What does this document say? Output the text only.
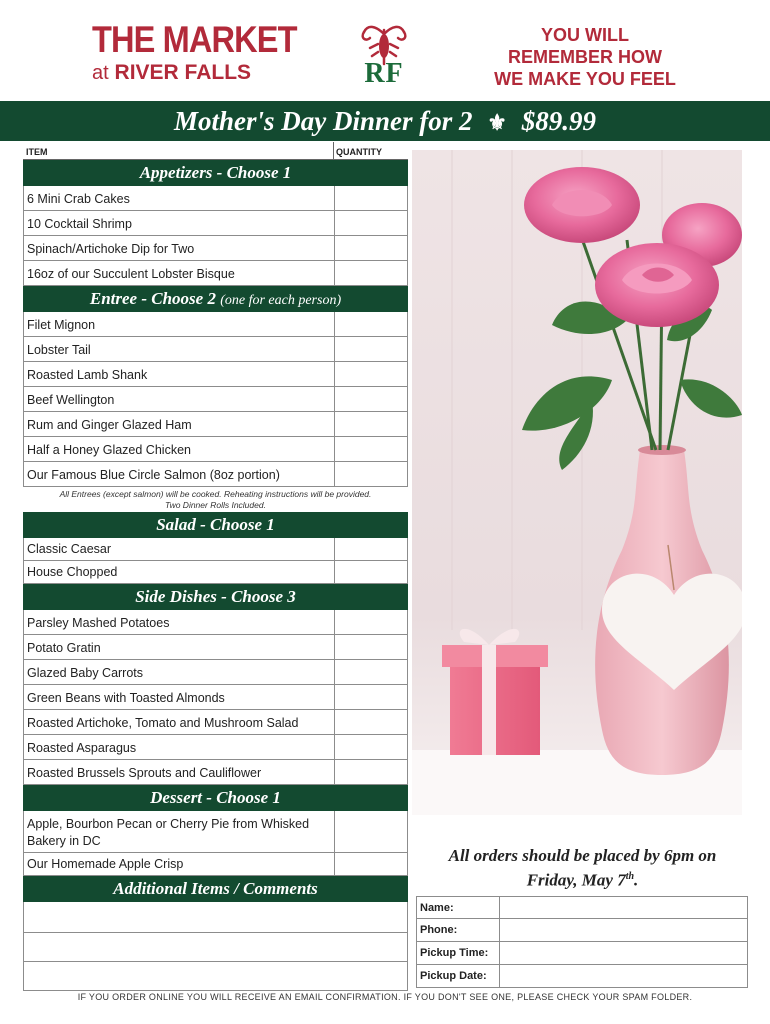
THE MARKET
at RIVER FALLS	RF
YOU WILL
REMEMBER HOW
WE MAKE YOU FEEL
Mother's Day Dinner for 2 ⚜ $89.99
ITEM	QUANTITY
Appetizers - Choose 1
6 Mini Crab Cakes
10 Cocktail Shrimp
Spinach/Artichoke Dip for Two
16oz of our Succulent Lobster Bisque
Entree - Choose 2 (one for each person)
Filet Mignon
Lobster Tail
Roasted Lamb Shank
Beef Wellington
Rum and Ginger Glazed Ham
Half a Honey Glazed Chicken
Our Famous Blue Circle Salmon (8oz portion)
All Entrees (except salmon) will be cooked. Reheating instructions will be provided.
Two Dinner Rolls Included.
Salad - Choose 1
Classic Caesar
House Chopped
Side Dishes - Choose 3
Parsley Mashed Potatoes
Potato Gratin
Glazed Baby Carrots
Green Beans with Toasted Almonds
Roasted Artichoke, Tomato and Mushroom Salad
Roasted Asparagus
Roasted Brussels Sprouts and Cauliflower
Dessert - Choose 1
Apple, Bourbon Pecan or Cherry Pie from Whisked Bakery in DC
Our Homemade Apple Crisp
Additional Items / Comments
All orders should be placed by 6pm on
Friday, May 7th.
Name:
Phone:
Pickup Time:
Pickup Date:
IF YOU ORDER ONLINE YOU WILL RECEIVE AN EMAIL CONFIRMATION. IF YOU DON'T SEE ONE, PLEASE CHECK YOUR SPAM FOLDER.
